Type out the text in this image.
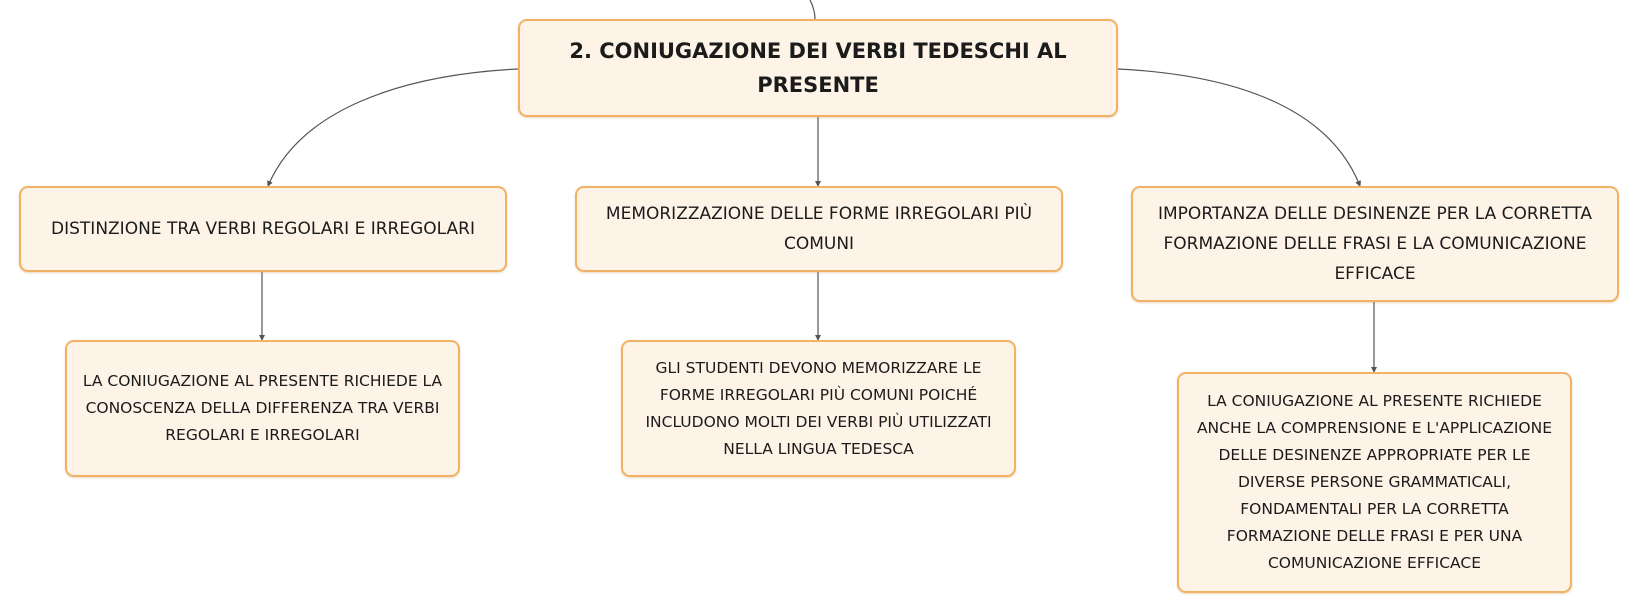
2. CONIUGAZIONE DEI VERBI TEDESCHI AL PRESENTE
DISTINZIONE TRA VERBI REGOLARI E IRREGOLARI
MEMORIZZAZIONE DELLE FORME IRREGOLARI PIÙ COMUNI
IMPORTANZA DELLE DESINENZE PER LA CORRETTA FORMAZIONE DELLE FRASI E LA COMUNICAZIONE EFFICACE
LA CONIUGAZIONE AL PRESENTE RICHIEDE LA CONOSCENZA DELLA DIFFERENZA TRA VERBI REGOLARI E IRREGOLARI
GLI STUDENTI DEVONO MEMORIZZARE LE FORME IRREGOLARI PIÙ COMUNI POICHÉ INCLUDONO MOLTI DEI VERBI PIÙ UTILIZZATI NELLA LINGUA TEDESCA
LA CONIUGAZIONE AL PRESENTE RICHIEDE ANCHE LA COMPRENSIONE E L'APPLICAZIONE DELLE DESINENZE APPROPRIATE PER LE DIVERSE PERSONE GRAMMATICALI, FONDAMENTALI PER LA CORRETTA FORMAZIONE DELLE FRASI E PER UNA COMUNICAZIONE EFFICACE
